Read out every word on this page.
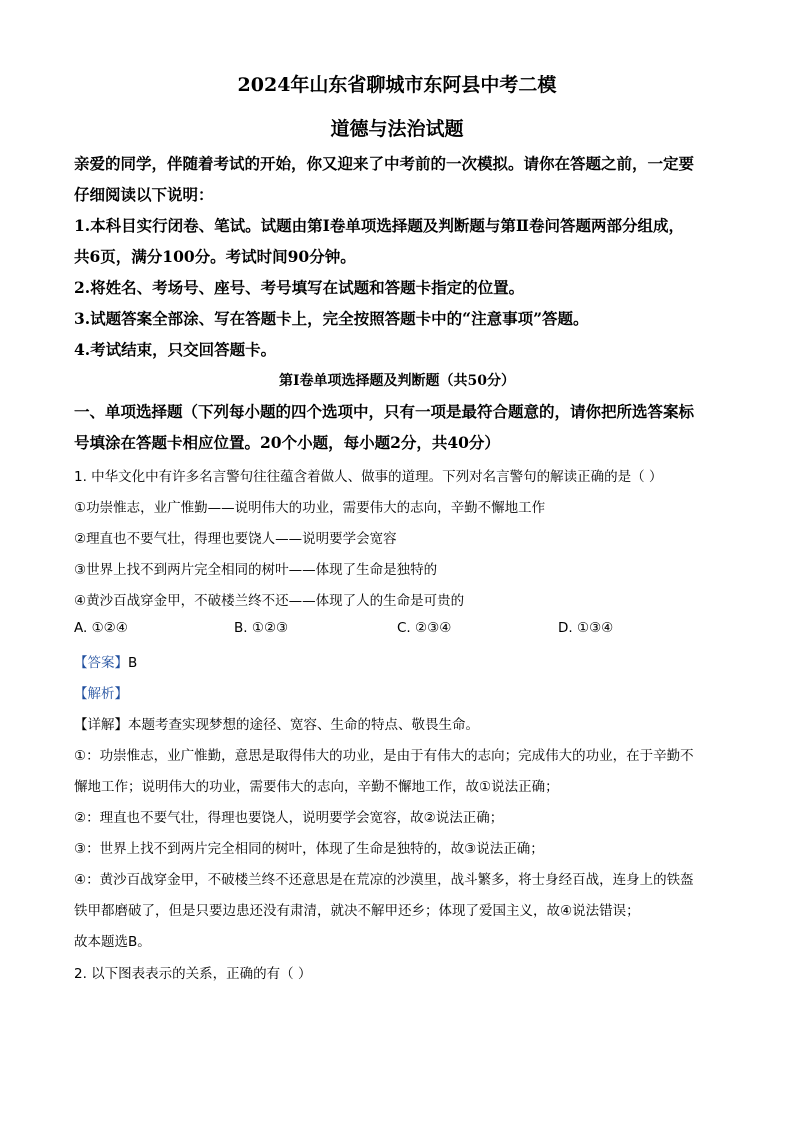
2024年山东省聊城市东阿县中考二模
道德与法治试题
亲爱的同学，伴随着考试的开始，你又迎来了中考前的一次模拟。请你在答题之前，一定要
仔细阅读以下说明：
1.本科目实行闭卷、笔试。试题由第Ⅰ卷单项选择题及判断题与第Ⅱ卷问答题两部分组成，
共6页，满分100分。考试时间90分钟。
2.将姓名、考场号、座号、考号填写在试题和答题卡指定的位置。
3.试题答案全部涂、写在答题卡上，完全按照答题卡中的“注意事项”答题。
4.考试结束，只交回答题卡。
第Ⅰ卷单项选择题及判断题（共50分）
一、单项选择题（下列每小题的四个选项中，只有一项是最符合题意的，请你把所选答案标
号填涂在答题卡相应位置。20个小题，每小题2分，共40分）
1. 中华文化中有许多名言警句往往蕴含着做人、做事的道理。下列对名言警句的解读正确的是（ ）
①功崇惟志，业广惟勤——说明伟大的功业，需要伟大的志向，辛勤不懈地工作
②理直也不要气壮，得理也要饶人——说明要学会宽容
③世界上找不到两片完全相同的树叶——体现了生命是独特的
④黄沙百战穿金甲，不破楼兰终不还——体现了人的生命是可贵的
A. ①②④	B. ①②③	C. ②③④	D. ①③④
【答案】B
【解析】
【详解】本题考查实现梦想的途径、宽容、生命的特点、敬畏生命。
①：功崇惟志，业广惟勤，意思是取得伟大的功业，是由于有伟大的志向；完成伟大的功业，在于辛勤不
懈地工作；说明伟大的功业，需要伟大的志向，辛勤不懈地工作，故①说法正确；
②：理直也不要气壮，得理也要饶人，说明要学会宽容，故②说法正确；
③：世界上找不到两片完全相同的树叶，体现了生命是独特的，故③说法正确；
④：黄沙百战穿金甲，不破楼兰终不还意思是在荒凉的沙漠里，战斗繁多，将士身经百战，连身上的铁盔
铁甲都磨破了，但是只要边患还没有肃清，就决不解甲还乡；体现了爱国主义，故④说法错误；
故本题选B。
2. 以下图表表示的关系，正确的有（ ）
